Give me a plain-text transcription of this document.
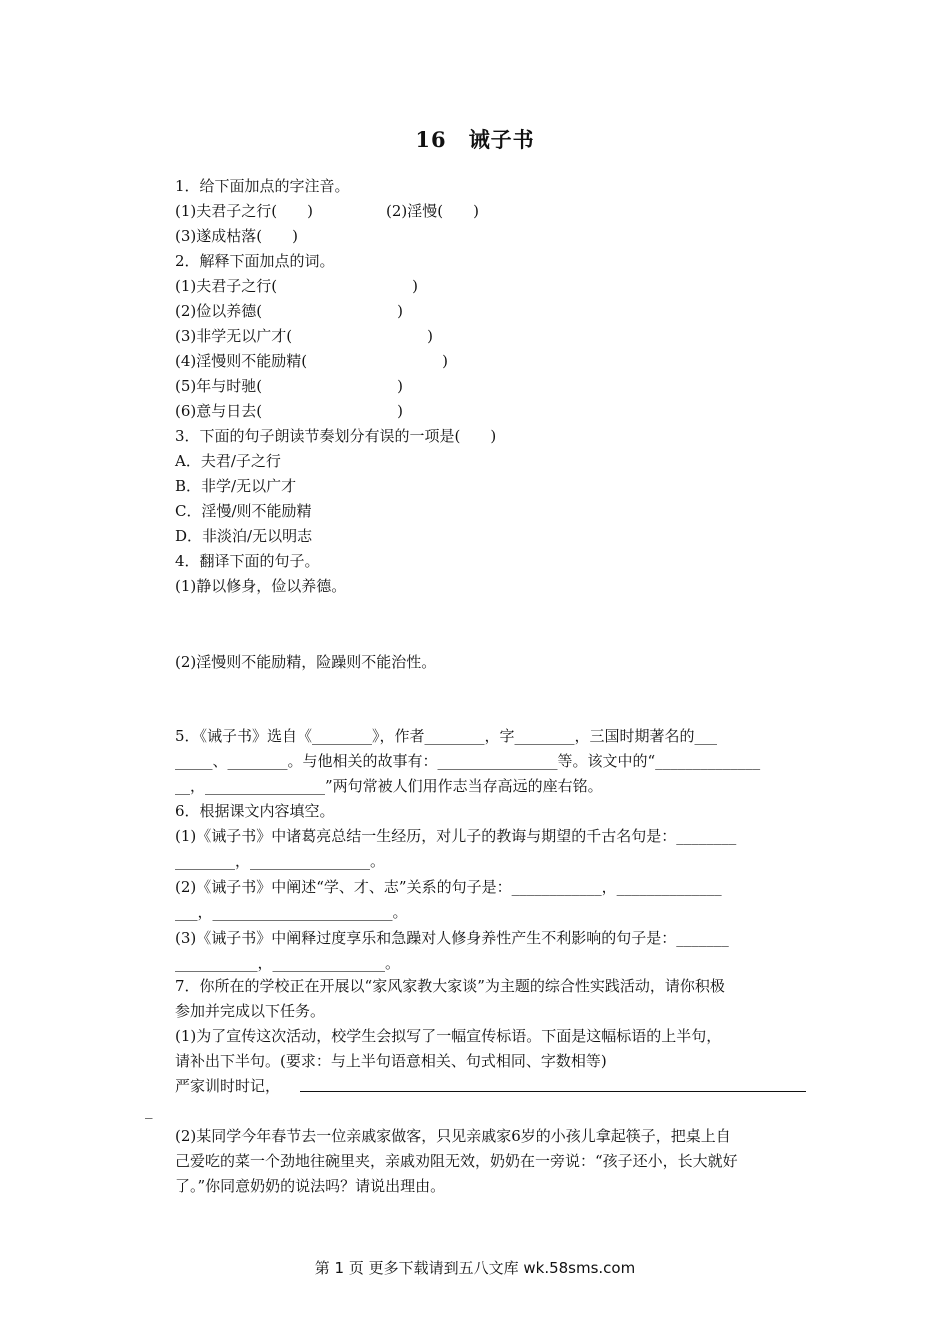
16 诫子书
1．给下面加点的字注音。
(1)夫君子之行(　　)	(2)淫慢(　　)
(3)遂成枯落(　　)
2．解释下面加点的词。
(1)夫君子之行(　　　　　　　　　)
(2)俭以养德(　　　　　　　　　)
(3)非学无以广才(　　　　　　　　　)
(4)淫慢则不能励精(　　　　　　　　　)
(5)年与时驰(　　　　　　　　　)
(6)意与日去(　　　　　　　　　)
3．下面的句子朗读节奏划分有误的一项是(　　)
A．夫君/子之行
B．非学/无以广才
C．淫慢/则不能励精
D．非淡泊/无以明志
4．翻译下面的句子。
(1)静以修身，俭以养德。
(2)淫慢则不能励精，险躁则不能治性。
5．《诫子书》选自《________》，作者________，字________，三国时期著名的___
_____、________。与他相关的故事有：________________等。该文中的“______________
__，________________”两句常被人们用作志当存高远的座右铭。
6．根据课文内容填空。
(1)《诫子书》中诸葛亮总结一生经历，对儿子的教诲与期望的千古名句是：________
________，________________。
(2)《诫子书》中阐述“学、才、志”关系的句子是：____________，______________
___，________________________。
(3)《诫子书》中阐释过度享乐和急躁对人修身养性产生不利影响的句子是：_______
___________，_______________。
7．你所在的学校正在开展以“家风家教大家谈”为主题的综合性实践活动，请你积极
参加并完成以下任务。
(1)为了宣传这次活动，校学生会拟写了一幅宣传标语。下面是这幅标语的上半句，
请补出下半句。(要求：与上半句语意相关、句式相同、字数相等)
严家训时时记，
_
(2)某同学今年春节去一位亲戚家做客，只见亲戚家6岁的小孩儿拿起筷子，把桌上自
己爱吃的菜一个劲地往碗里夹，亲戚劝阻无效，奶奶在一旁说：“孩子还小，长大就好
了。”你同意奶奶的说法吗？请说出理由。
第 1 页 更多下载请到五八文库 wk.58sms.com
